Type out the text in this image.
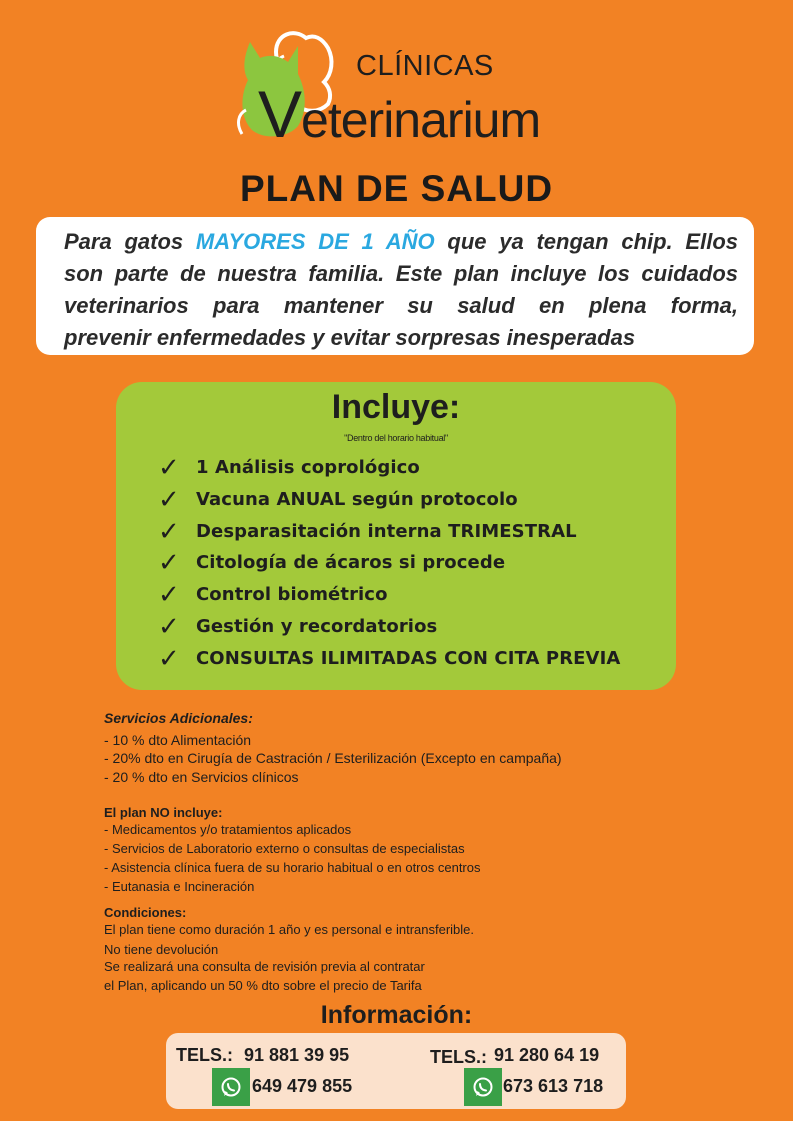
CLÍNICAS
Veterinarium
PLAN DE SALUD
Para gatos MAYORES DE 1 AÑO que ya tengan chip. Ellos
son parte de nuestra familia. Este plan incluye los cuidados
veterinarios para mantener su salud en plena forma,
prevenir enfermedades y evitar sorpresas inesperadas
Incluye:
"Dentro del horario habitual"
✓ 1 Análisis coprológico
✓ Vacuna ANUAL según protocolo
✓ Desparasitación interna TRIMESTRAL
✓ Citología de ácaros si procede
✓ Control biométrico
✓ Gestión y recordatorios
✓ CONSULTAS ILIMITADAS CON CITA PREVIA
Servicios Adicionales:
- 10 % dto Alimentación
- 20% dto en Cirugía de Castración / Esterilización (Excepto en campaña)
- 20 % dto en Servicios clínicos
El plan NO incluye:
- Medicamentos y/o tratamientos aplicados
- Servicios de Laboratorio externo o consultas de especialistas
- Asistencia clínica fuera de su horario habitual o en otros centros
- Eutanasia e Incineración
Condiciones:
El plan tiene como duración 1 año y es personal e intransferible.
No tiene devolución
Se realizará una consulta de revisión previa al contratar
el Plan, aplicando un 50 % dto sobre el precio de Tarifa
Información:
TELS.: 91 881 39 95	TELS.: 91 280 64 19
649 479 855	673 613 718
